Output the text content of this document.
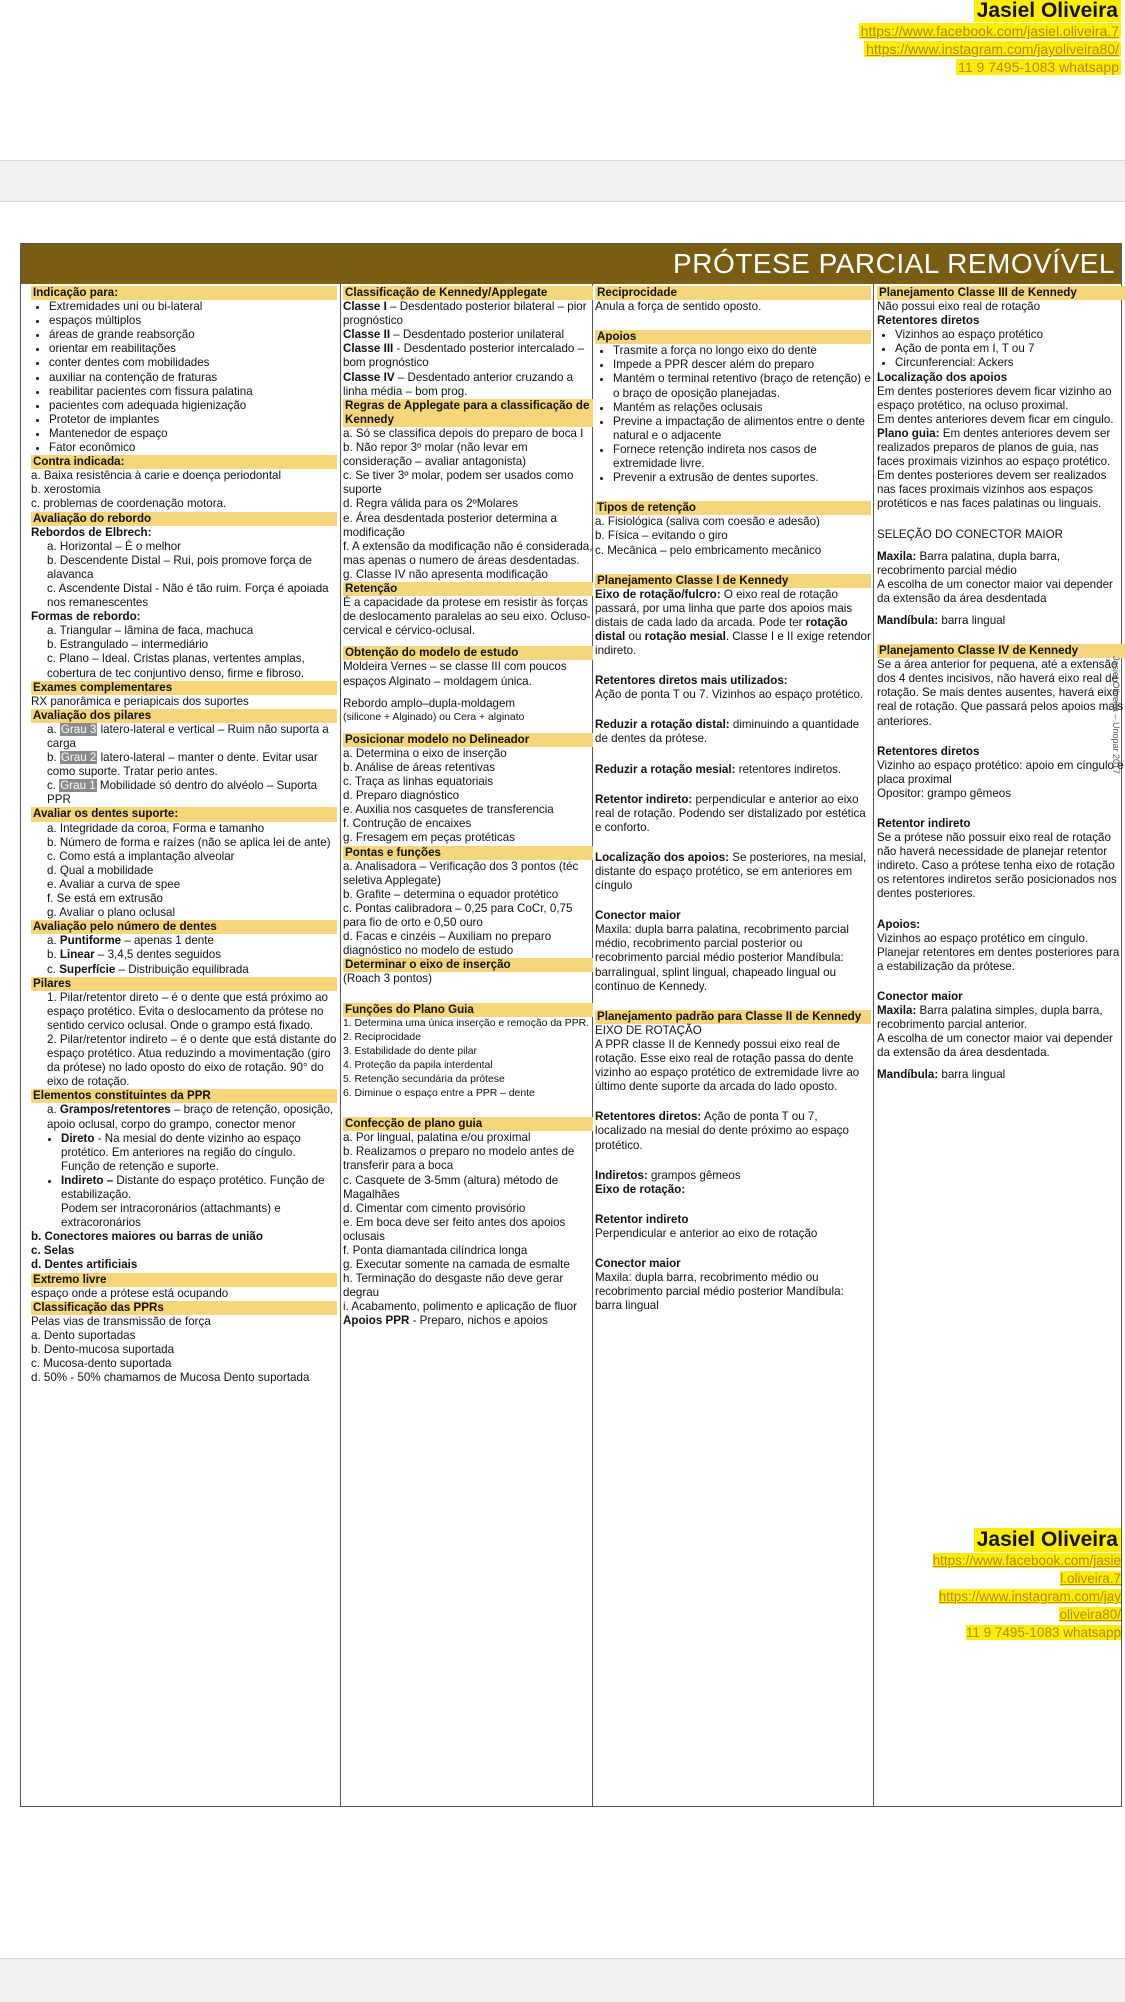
Jasiel Oliveira
https://www.facebook.com/jasiel.oliveira.7
https://www.instagram.com/jayoliveira80/
11 9 7495-1083 whatsapp
PRÓTESE PARCIAL REMOVÍVEL
Indicação para:
• Extremidades uni ou bi-lateral
• espaços múltiplos
• áreas de grande reabsorção
• orientar em reabilitações
• conter dentes com mobilidades
• auxiliar na contenção de fraturas
• reabilitar pacientes com fissura palatina
• pacientes com adequada higienização
• Protetor de implantes
• Mantenedor de espaço
• Fator econômico
Contra indicada:
a. Baixa resistência à carie e doença periodontal
b. xerostomia
c. problemas de coordenação motora.
Avaliação do rebordo
Rebordos de Elbrech:
a. Horizontal – É o melhor
b. Descendente Distal – Rui, pois promove força de alavanca
c. Ascendente Distal - Não é tão ruim. Força é apoiada nos remanescentes
Formas de rebordo:
a. Triangular – lâmina de faca, machuca
b. Estrangulado – intermediário
c. Plano – Ideal. Cristas planas, vertentes amplas, cobertura de tec conjuntivo denso, firme e fibroso.
Exames complementares
RX panorâmica e periapicais dos suportes
Avaliação dos pilares
a. Grau 3 latero-lateral e vertical – Ruim não suporta a carga
b. Grau 2 latero-lateral – manter o dente. Evitar usar como suporte. Tratar perio antes.
c. Grau 1 Mobilidade só dentro do alvéolo – Suporta PPR
Avaliar os dentes suporte:
a. Integridade da coroa, Forma e tamanho
b. Número de forma e raízes (não se aplica lei de ante)
c. Como está a implantação alveolar
d. Qual a mobilidade
e. Avaliar a curva de spee
f. Se está em extrusão
g. Avaliar o plano oclusal
Avaliação pelo número de dentes
a. Puntiforme – apenas 1 dente
b. Linear – 3,4,5 dentes seguidos
c. Superfície – Distribuição equilibrada
Pilares
1. Pilar/retentor direto – é o dente que está próximo ao espaço protético. Evita o deslocamento da prótese no sentido cervico oclusal. Onde o grampo está fixado.
2. Pilar/retentor indireto – é o dente que está distante do espaço protético. Atua reduzindo a movimentação (giro da prótese) no lado oposto do eixo de rotação. 90° do eixo de rotação.
Elementos constituintes da PPR
a. Grampos/retentores – braço de retenção, oposição, apoio oclusal, corpo do grampo, conector menor
• Direto - Na mesial do dente vizinho ao espaço protético. Em anteriores na região do cíngulo. Função de retenção e suporte.
• Indireto – Distante do espaço protético. Função de estabilização.
Podem ser intracoronários (attachmants) e extracoronários
b. Conectores maiores ou barras de união
c. Selas
d. Dentes artificiais
Extremo livre
espaço onde a prótese está ocupando
Classificação das PPRs
Pelas vias de transmissão de força
a. Dento suportadas
b. Dento-mucosa suportada
c. Mucosa-dento suportada
d. 50% - 50% chamamos de Mucosa Dento suportada
Classificação de Kennedy/Applegate
Classe I – Desdentado posterior bilateral – pior prognóstico
Classe II – Desdentado posterior unilateral
Classe III - Desdentado posterior intercalado – bom prognóstico
Classe IV – Desdentado anterior cruzando a linha média – bom prog.
Regras de Applegate para a classificação de Kennedy
a. Só se classifica depois do preparo de boca I
b. Não repor 3º molar (não levar em consideração – avaliar antagonista)
c. Se tiver 3º molar, podem ser usados como suporte
d. Regra válida para os 2ºMolares
e. Área desdentada posterior determina a modificação
f. A extensão da modificação não é considerada, mas apenas o numero de áreas desdentadas.
g. Classe IV não apresenta modificação
Retenção
É a capacidade da protese em resistir às forças de deslocamento paralelas ao seu eixo. Ocluso-cervical e cérvico-oclusal.
Obtenção do modelo de estudo
Moldeira Vernes – se classe III com poucos espaços Alginato – moldagem única.
Rebordo amplo–dupla-moldagem
(silicone + Alginado) ou Cera + alginato
Posicionar modelo no Delineador
a. Determina o eixo de inserção
b. Análise de áreas retentivas
c. Traça as linhas equatoriais
d. Preparo diagnóstico
e. Auxilia nos casquetes de transferencia
f. Contrução de encaixes
g. Fresagem em peças protéticas
Pontas e funções
a. Analisadora – Verificação dos 3 pontos (téc seletiva Applegate)
b. Grafite – determina o equador protético
c. Pontas calibradora – 0,25 para CoCr, 0,75 para fio de orto e 0,50 ouro
d. Facas e cinzéis – Auxiliam no preparo diagnóstico no modelo de estudo
Determinar o eixo de inserção
(Roach 3 pontos)
Funções do Plano Guia
1. Determina uma única inserção e remoção da PPR.
2. Reciprocidade
3. Estabilidade do dente pilar
4. Proteção da papila interdental
5. Retenção secundária da prótese
6. Diminue o espaço entre a PPR – dente
Confecção de plano guia
a. Por lingual, palatina e/ou proximal
b. Realizamos o preparo no modelo antes de transferir para a boca
c. Casquete de 3-5mm (altura) método de Magalhães
d. Cimentar com cimento provisório
e. Em boca deve ser feito antes dos apoios oclusais
f. Ponta diamantada cilíndrica longa
g. Executar somente na camada de esmalte
h. Terminação do desgaste não deve gerar degrau
i. Acabamento, polimento e aplicação de fluor
Apoios PPR - Preparo, nichos e apoios
Reciprocidade
Anula a força de sentido oposto.
Apoios
• Trasmite a força no longo eixo do dente
• Impede a PPR descer além do preparo
• Mantém o terminal retentivo (braço de retenção) e o braço de oposição planejadas.
• Mantém as relações oclusais
• Previne a impactação de alimentos entre o dente natural e o adjacente
• Fornece retenção indireta nos casos de extremidade livre.
• Prevenir a extrusão de dentes suportes.
Tipos de retenção
a. Fisiológica (saliva com coesão e adesão)
b. Física – evitando o giro
c. Mecânica – pelo embricamento mecânico
Planejamento Classe I de Kennedy
Eixo de rotação/fulcro: O eixo real de rotação passará, por uma linha que parte dos apoios mais distais de cada lado da arcada. Pode ter rotação distal ou rotação mesial. Classe I e II exige retendor indireto.
Retentores diretos mais utilizados:
Ação de ponta T ou 7. Vizinhos ao espaço protético.
Reduzir a rotação distal: diminuindo a quantidade de dentes da prótese.
Reduzir a rotação mesial: retentores indiretos.
Retentor indireto: perpendicular e anterior ao eixo real de rotação. Podendo ser distalizado por estética e conforto.
Localização dos apoios: Se posteriores, na mesial, distante do espaço protético, se em anteriores em cíngulo
Conector maior
Maxila: dupla barra palatina, recobrimento parcial médio, recobrimento parcial posterior ou recobrimento parcial médio posterior Mandíbula: barralingual, splint lingual, chapeado lingual ou contínuo de Kennedy.
Planejamento padrão para Classe II de Kennedy
EIXO DE ROTAÇÃO
A PPR classe II de Kennedy possui eixo real de rotação. Esse eixo real de rotação passa do dente vizinho ao espaço protético de extremidade livre ao último dente suporte da arcada do lado oposto.
Retentores diretos: Ação de ponta T ou 7, localizado na mesial do dente próximo ao espaço protético.
Indiretos: grampos gêmeos
Eixo de rotação:
Retentor indireto
Perpendicular e anterior ao eixo de rotação
Conector maior
Maxila: dupla barra, recobrimento médio ou recobrimento parcial médio posterior Mandíbula: barra lingual
Planejamento Classe III de Kennedy
Não possui eixo real de rotação
Retentores diretos
• Vizinhos ao espaço protético
• Ação de ponta em I, T ou 7
• Circunferencial: Ackers
Localização dos apoios
Em dentes posteriores devem ficar vizinho ao espaço protético, na ocluso proximal.
Em dentes anteriores devem ficar em cíngulo.
Plano guia: Em dentes anteriores devem ser realizados preparos de planos de guia, nas faces proximais vizinhos ao espaço protético. Em dentes posteriores devem ser realizados nas faces proximais vizinhos aos espaços protéticos e nas faces palatinas ou linguais.
SELEÇÃO DO CONECTOR MAIOR
Maxila: Barra palatina, dupla barra, recobrimento parcial médio
A escolha de um conector maior vai depender da extensão da área desdentada
Mandíbula: barra lingual
Planejamento Classe IV de Kennedy
Se a área anterior for pequena, até a extensão dos 4 dentes incisivos, não haverá eixo real de rotação. Se mais dentes ausentes, haverá eixo real de rotação. Que passará pelos apoios mais anteriores.
Retentores diretos
Vizinho ao espaço protético: apoio em cíngulo e placa proximal
Opositor: grampo gêmeos
Retentor indireto
Se a prótese não possuir eixo real de rotação não haverá necessidade de planejar retentor indireto. Caso a prótese tenha eixo de rotação os retentores indiretos serão posicionados nos dentes posteriores.
Apoios:
Vizinhos ao espaço protético em cíngulo. Planejar retentores em dentes posteriores para a estabilização da prótese.
Conector maior
Maxila: Barra palatina simples, dupla barra, recobrimento parcial anterior.
A escolha de um conector maior vai depender da extensão da área desdentada.
Mandíbula: barra lingual
Jasiel Oliveira – Unopar 2017
Jasiel Oliveira
https://www.facebook.com/jasie
l.oliveira.7
https://www.instagram.com/jay
oliveira80/
11 9 7495-1083 whatsapp
